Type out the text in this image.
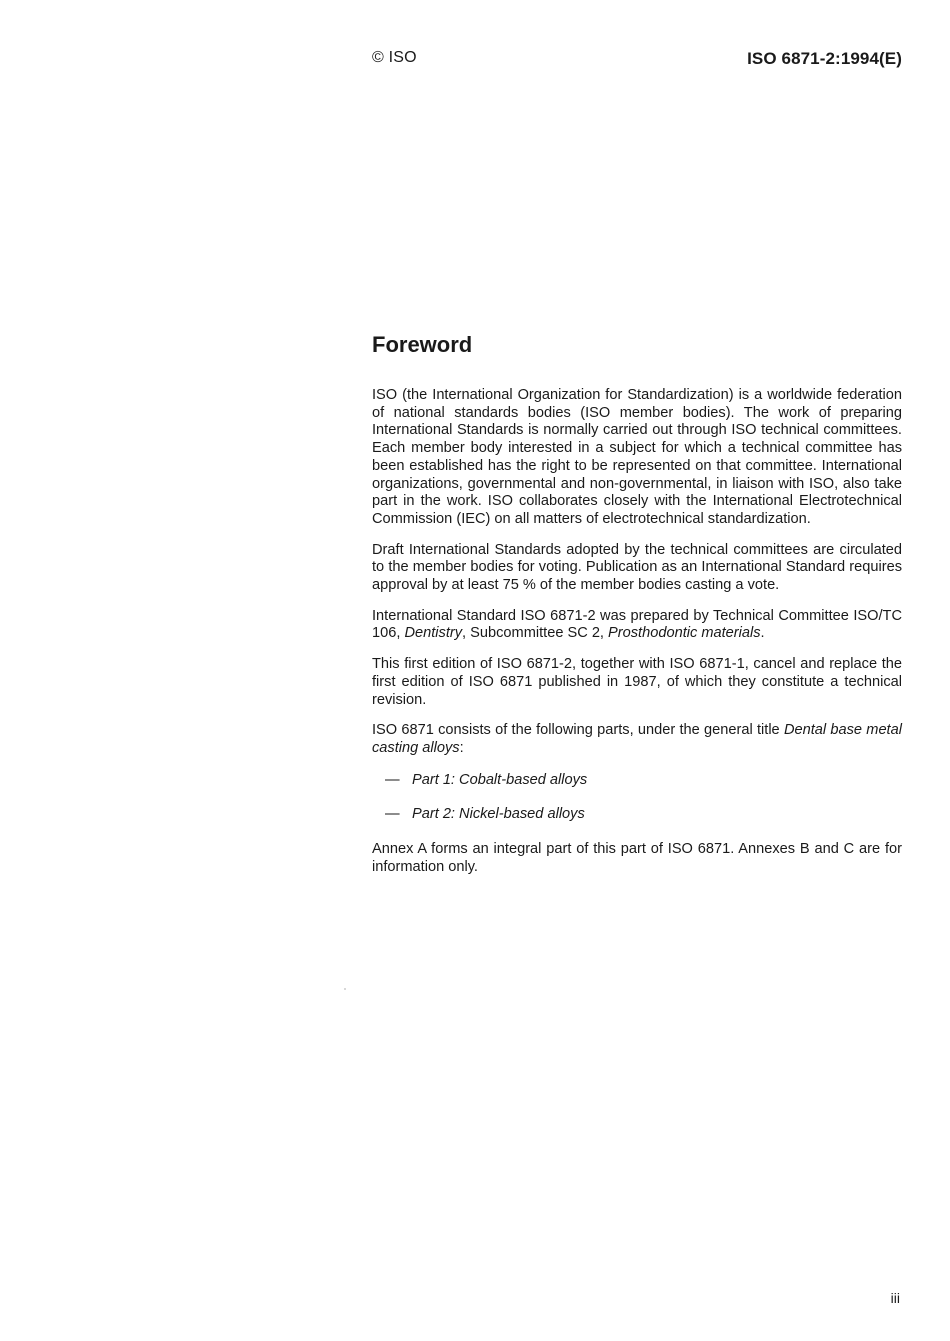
© ISO	ISO 6871-2:1994(E)
Foreword

ISO (the International Organization for Standardization) is a worldwide federation of national standards bodies (ISO member bodies). The work of preparing International Standards is normally carried out through ISO technical committees. Each member body interested in a subject for which a technical committee has been established has the right to be represented on that committee. International organizations, governmental and non-governmental, in liaison with ISO, also take part in the work. ISO collaborates closely with the International Electrotechnical Commission (IEC) on all matters of electrotechnical standardization.

Draft International Standards adopted by the technical committees are circulated to the member bodies for voting. Publication as an International Standard requires approval by at least 75 % of the member bodies casting a vote.

International Standard ISO 6871-2 was prepared by Technical Committee ISO/TC 106, Dentistry, Subcommittee SC 2, Prosthodontic materials.

This first edition of ISO 6871-2, together with ISO 6871-1, cancel and replace the first edition of ISO 6871 published in 1987, of which they constitute a technical revision.

ISO 6871 consists of the following parts, under the general title Dental base metal casting alloys:

— Part 1: Cobalt-based alloys
— Part 2: Nickel-based alloys

Annex A forms an integral part of this part of ISO 6871. Annexes B and C are for information only.

iii
